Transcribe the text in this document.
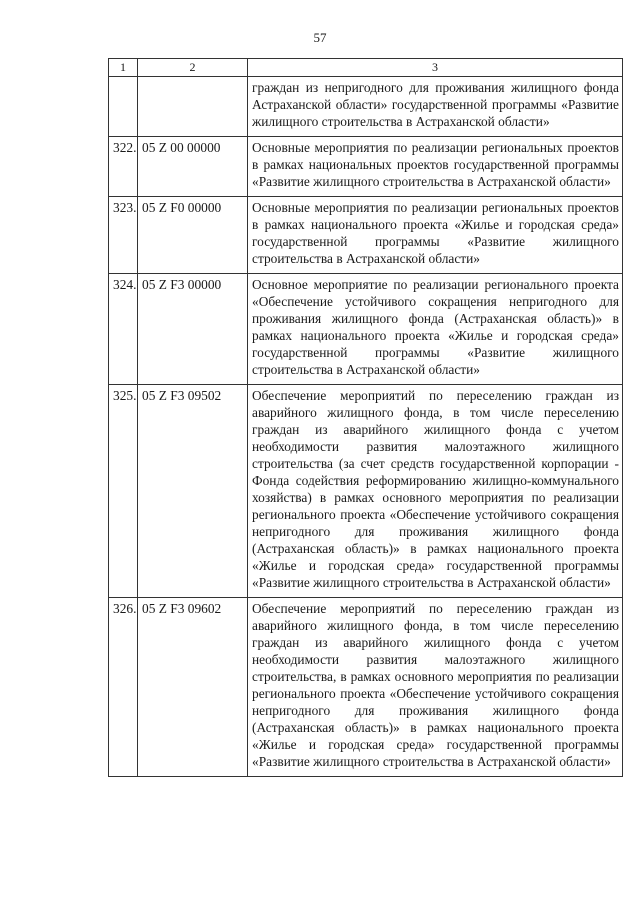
57
1	2	3
		граждан из непригодного для проживания жилищного фонда Астраханской области» государственной программы «Развитие жилищного строительства в Астраханской области»
322.	05 Z 00 00000	Основные мероприятия по реализации региональных проектов в рамках национальных проектов государственной программы «Развитие жилищного строительства в Астраханской области»
323.	05 Z F0 00000	Основные мероприятия по реализации региональных проектов в рамках национального проекта «Жилье и городская среда» государственной программы «Развитие жилищного строительства в Астраханской области»
324.	05 Z F3 00000	Основное мероприятие по реализации регионального проекта «Обеспечение устойчивого сокращения непригодного для проживания жилищного фонда (Астраханская область)» в рамках национального проекта «Жилье и городская среда» государственной программы «Развитие жилищного строительства в Астраханской области»
325.	05 Z F3 09502	Обеспечение мероприятий по переселению граждан из аварийного жилищного фонда, в том числе переселению граждан из аварийного жилищного фонда с учетом необходимости развития малоэтажного жилищного строительства (за счет средств государственной корпорации - Фонда содействия реформированию жилищно-коммунального хозяйства) в рамках основного мероприятия по реализации регионального проекта «Обеспечение устойчивого сокращения непригодного для проживания жилищного фонда (Астраханская область)» в рамках национального проекта «Жилье и городская среда» государственной программы «Развитие жилищного строительства в Астраханской области»
326.	05 Z F3 09602	Обеспечение мероприятий по переселению граждан из аварийного жилищного фонда, в том числе переселению граждан из аварийного жилищного фонда с учетом необходимости развития малоэтажного жилищного строительства, в рамках основного мероприятия по реализации регионального проекта «Обеспечение устойчивого сокращения непригодного для проживания жилищного фонда (Астраханская область)» в рамках национального проекта «Жилье и городская среда» государственной программы «Развитие жилищного строительства в Астраханской области»
